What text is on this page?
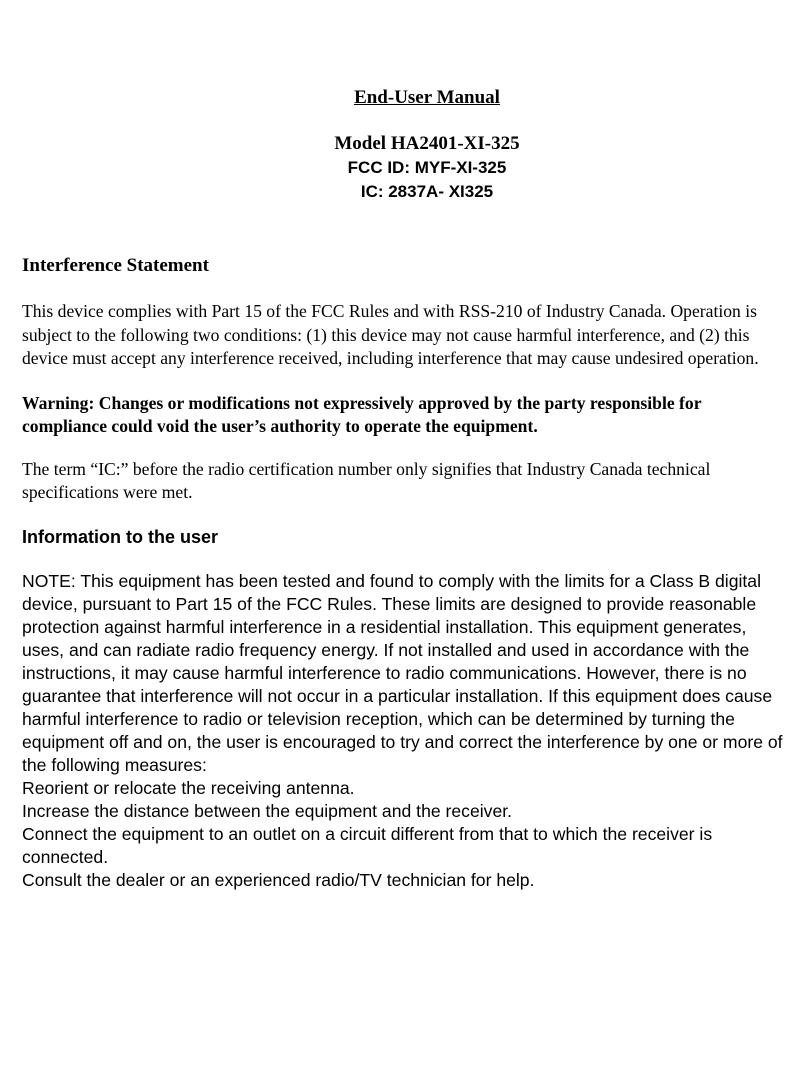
End-User Manual

Model HA2401-XI-325

FCC ID: MYF-XI-325

IC: 2837A- XI325

Interference Statement

This device complies with Part 15 of the FCC Rules and with RSS-210 of Industry Canada. Operation is subject to the following two conditions: (1) this device may not cause harmful interference, and (2) this device must accept any interference received, including interference that may cause undesired operation.

Warning: Changes or modifications not expressively approved by the party responsible for compliance could void the user’s authority to operate the equipment.

The term “IC:” before the radio certification number only signifies that Industry Canada technical specifications were met.

Information to the user

NOTE: This equipment has been tested and found to comply with the limits for a Class B digital device, pursuant to Part 15 of the FCC Rules. These limits are designed to provide reasonable protection against harmful interference in a residential installation. This equipment generates, uses, and can radiate radio frequency energy. If not installed and used in accordance with the instructions, it may cause harmful interference to radio communications. However, there is no guarantee that interference will not occur in a particular installation. If this equipment does cause harmful interference to radio or television reception, which can be determined by turning the equipment off and on, the user is encouraged to try and correct the interference by one or more of the following measures:

Reorient or relocate the receiving antenna.

Increase the distance between the equipment and the receiver.

Connect the equipment to an outlet on a circuit different from that to which the receiver is connected.

Consult the dealer or an experienced radio/TV technician for help.
